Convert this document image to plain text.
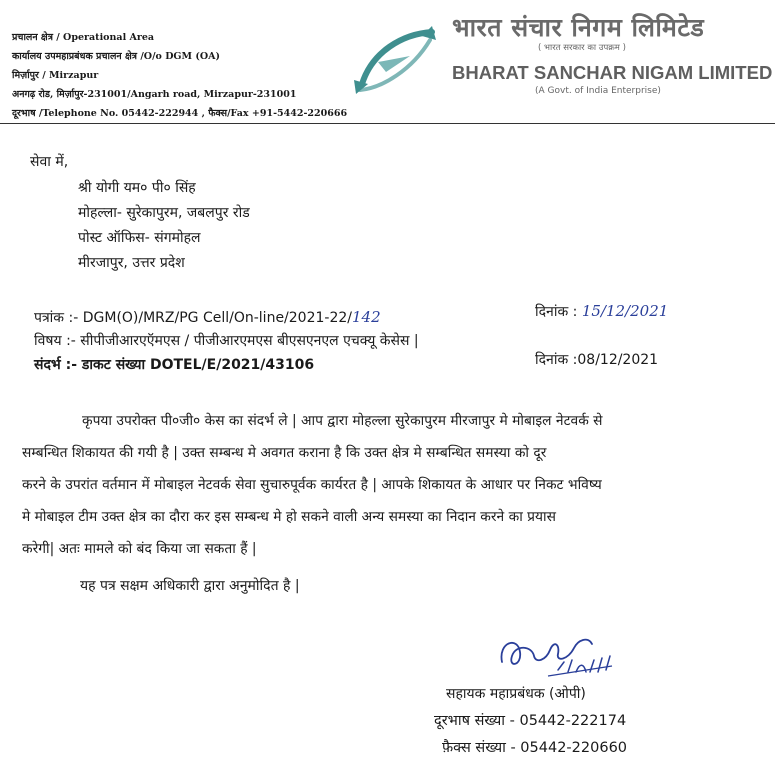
प्रचालन क्षेत्र / Operational Area
कार्यालय उपमहाप्रबंधक प्रचालन क्षेत्र /O/o DGM (OA)
मिर्ज़ापुर / Mirzapur
अनगढ़ रोड, मिर्ज़ापुर-231001/Angarh road, Mirzapur-231001
दूरभाष /Telephone No. 05442-222944 , फैक्स/Fax +91-5442-220666
भारत संचार निगम लिमिटेड
( भारत सरकार का उपक्रम )
BHARAT SANCHAR NIGAM LIMITED
(A Govt. of India Enterprise)
सेवा में,
श्री योगी यम० पी० सिंह
मोहल्ला- सुरेकापुरम, जबलपुर रोड
पोस्ट ऑफिस- संगमोहल
मीरजापुर, उत्तर प्रदेश
पत्रांक :- DGM(O)/MRZ/PG Cell/On-line/2021-22/142	दिनांक : 15/12/2021
विषय :- सीपीजीआरएऍमएस / पीजीआरएमएस बीएसएनएल एचक्यू केसेस |
संदर्भ :- डाकट संख्या DOTEL/E/2021/43106	दिनांक :08/12/2021
कृपया उपरोक्त पी०जी० केस का संदर्भ ले | आप द्वारा मोहल्ला सुरेकापुरम मीरजापुर मे मोबाइल नेटवर्क से
सम्बन्धित शिकायत की गयी है | उक्त सम्बन्ध मे अवगत कराना है कि उक्त क्षेत्र मे सम्बन्धित समस्या को दूर
करने के उपरांत वर्तमान में मोबाइल नेटवर्क सेवा सुचारुपूर्वक कार्यरत है | आपके शिकायत के आधार पर निकट भविष्य
मे मोबाइल टीम उक्त क्षेत्र का दौरा कर इस सम्बन्ध मे हो सकने वाली अन्य समस्या का निदान करने का प्रयास
करेगी| अतः मामले को बंद किया जा सकता हैं |
यह पत्र सक्षम अधिकारी द्वारा अनुमोदित है |
सहायक महाप्रबंधक (ओपी)
दूरभाष संख्या - 05442-222174
फ़ैक्स संख्या - 05442-220660
